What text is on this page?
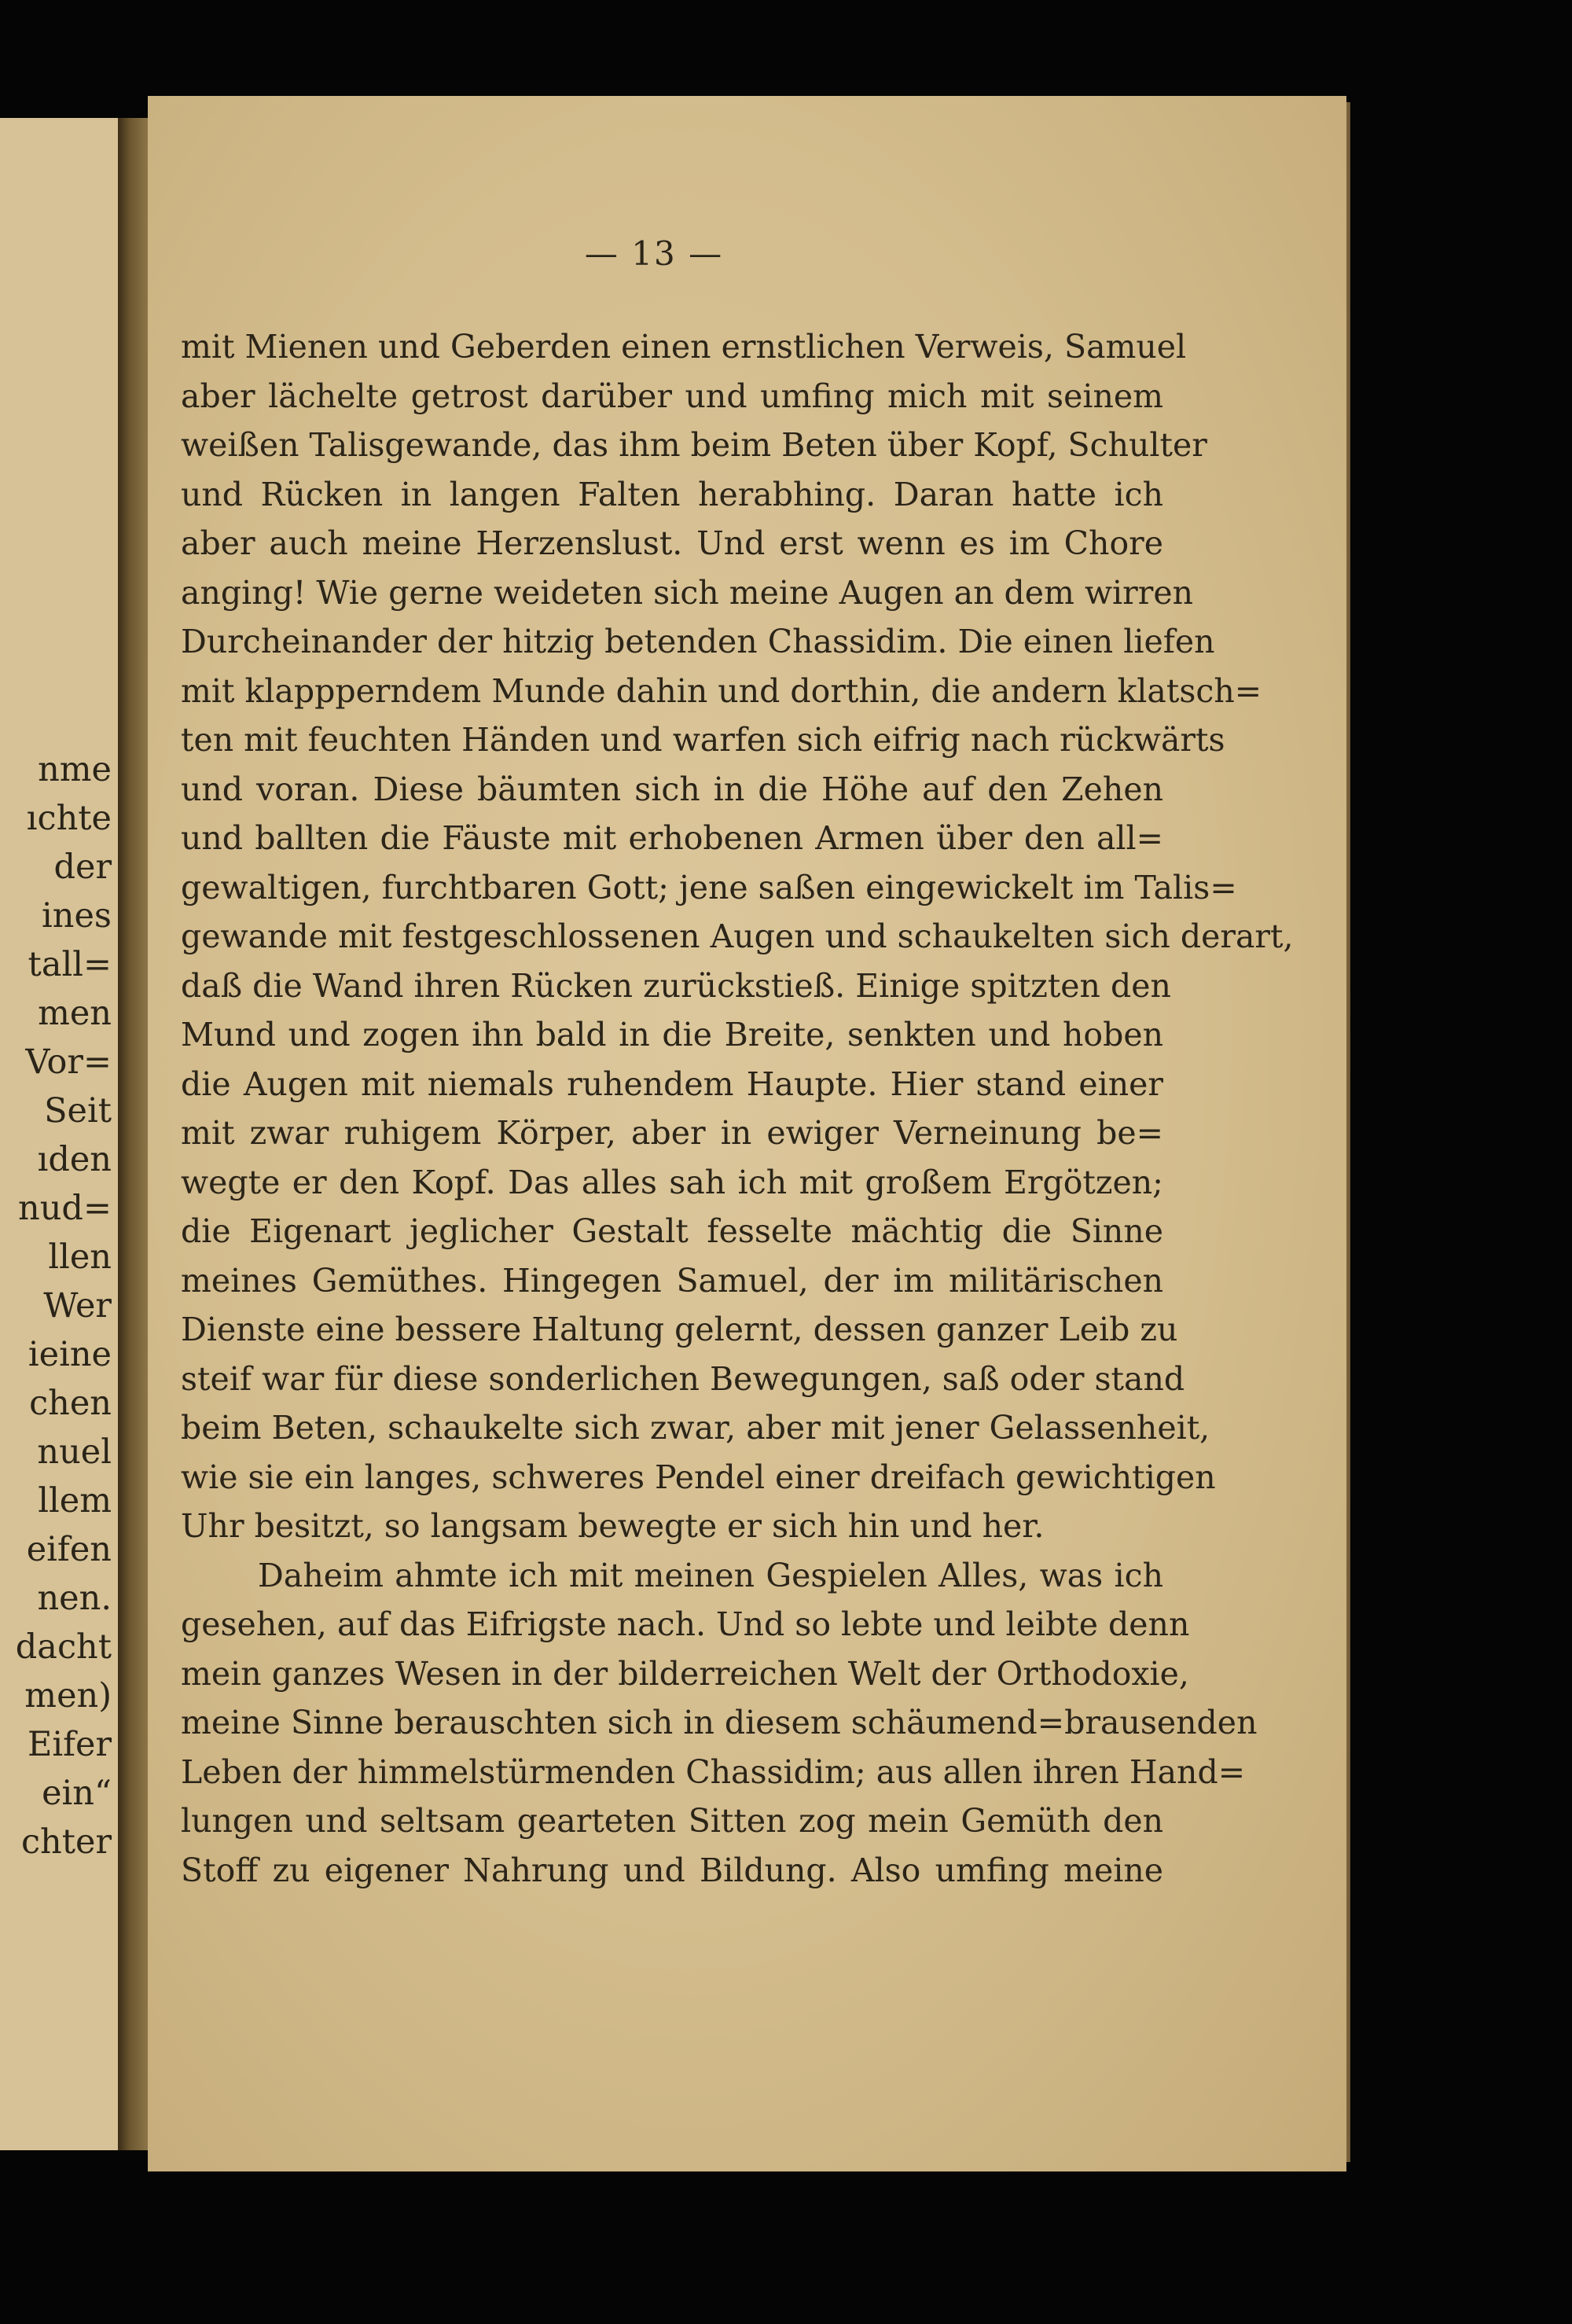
nme
ıchte
der
ines
tall=
men
Vor=
Seit
ıden
nud=
llen
Wer
ieine
chen
nuel
llem
eifen
nen.
dacht
men)
Eifer
ein“
chter
— 13 —
mit Mienen und Geberden einen ernstlichen Verweis, Samuel
aber lächelte getrost darüber und umfing mich mit seinem
weißen Talisgewande, das ihm beim Beten über Kopf, Schulter
und Rücken in langen Falten herabhing. Daran hatte ich
aber auch meine Herzenslust. Und erst wenn es im Chore
anging! Wie gerne weideten sich meine Augen an dem wirren
Durcheinander der hitzig betenden Chassidim. Die einen liefen
mit klappperndem Munde dahin und dorthin, die andern klatsch=
ten mit feuchten Händen und warfen sich eifrig nach rückwärts
und voran. Diese bäumten sich in die Höhe auf den Zehen
und ballten die Fäuste mit erhobenen Armen über den all=
gewaltigen, furchtbaren Gott; jene saßen eingewickelt im Talis=
gewande mit festgeschlossenen Augen und schaukelten sich derart,
daß die Wand ihren Rücken zurückstieß. Einige spitzten den
Mund und zogen ihn bald in die Breite, senkten und hoben
die Augen mit niemals ruhendem Haupte. Hier stand einer
mit zwar ruhigem Körper, aber in ewiger Verneinung be=
wegte er den Kopf. Das alles sah ich mit großem Ergötzen;
die Eigenart jeglicher Gestalt fesselte mächtig die Sinne
meines Gemüthes. Hingegen Samuel, der im militärischen
Dienste eine bessere Haltung gelernt, dessen ganzer Leib zu
steif war für diese sonderlichen Bewegungen, saß oder stand
beim Beten, schaukelte sich zwar, aber mit jener Gelassenheit,
wie sie ein langes, schweres Pendel einer dreifach gewichtigen
Uhr besitzt, so langsam bewegte er sich hin und her.
Daheim ahmte ich mit meinen Gespielen Alles, was ich
gesehen, auf das Eifrigste nach. Und so lebte und leibte denn
mein ganzes Wesen in der bilderreichen Welt der Orthodoxie,
meine Sinne berauschten sich in diesem schäumend=brausenden
Leben der himmelstürmenden Chassidim; aus allen ihren Hand=
lungen und seltsam gearteten Sitten zog mein Gemüth den
Stoff zu eigener Nahrung und Bildung. Also umfing meine
